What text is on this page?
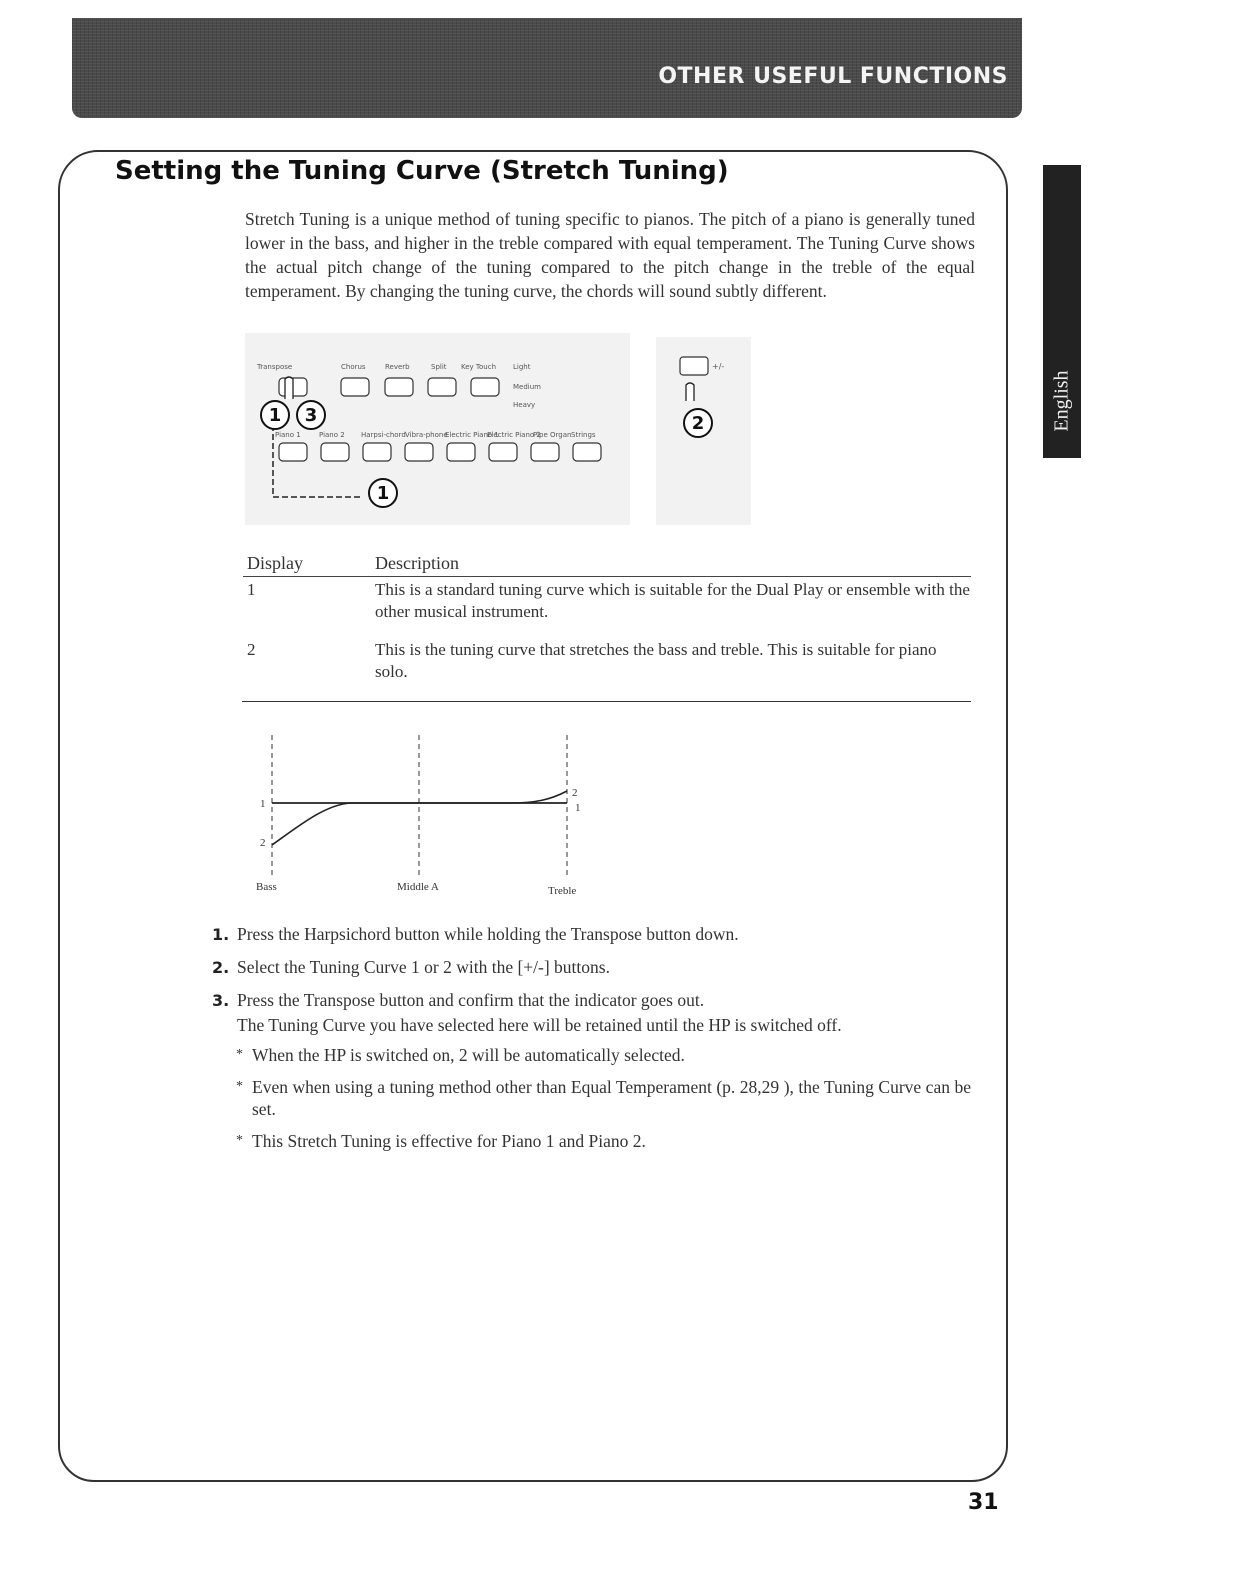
OTHER USEFUL FUNCTIONS
English
Setting the Tuning Curve (Stretch Tuning)

Stretch Tuning is a unique method of tuning specific to pianos. The pitch of a piano is generally tuned lower in the bass, and higher in the treble compared with equal temperament. The Tuning Curve shows the actual pitch change of the tuning compared to the pitch change in the treble of the equal temperament. By changing the tuning curve, the chords will sound subtly different.

Transpose	Chorus	Reverb	Split Key Touch Light
Medium
Heavy
Piano 1	Piano 2 Harpsi-chord Vibra-phone
Electric Piano 1
Electric Piano 2
Pipe Organ Strings
1 3
1
+/-
2
Display	Description
1	This is a standard tuning curve which is suitable for the Dual Play or ensemble with the other musical instrument.
2	This is the tuning curve that stretches the bass and treble. This is suitable for piano solo.
1
2
2
1
Bass	Middle A	Treble
1. Press the Harpsichord button while holding the Transpose button down.
2. Select the Tuning Curve 1 or 2 with the [+/-] buttons.
3. Press the Transpose button and confirm that the indicator goes out.
The Tuning Curve you have selected here will be retained until the HP is switched off.
* When the HP is switched on, 2 will be automatically selected.
* Even when using a tuning method other than Equal Temperament (p. 28,29 ), the Tuning Curve can be set.
* This Stretch Tuning is effective for Piano 1 and Piano 2.
31
